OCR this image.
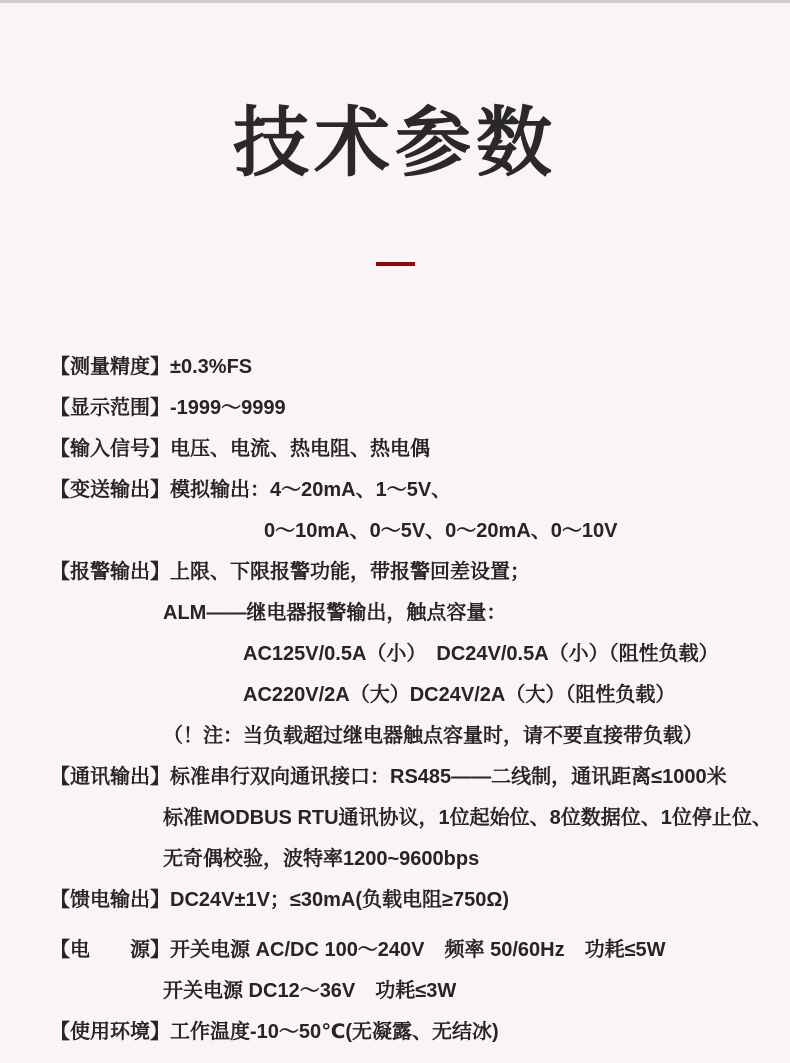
技术参数
【测量精度】 ±0.3%FS
【显示范围】 -1999～9999
【输入信号】 电压、电流、热电阻、热电偶
【变送输出】 模拟输出：4～20mA、1～5V、
0～10mA、0～5V、0～20mA、0～10V
【报警输出】 上限、下限报警功能，带报警回差设置；
ALM——继电器报警输出，触点容量：
AC125V/0.5A（小）　DC24V/0.5A（小）（阻性负载）
AC220V/2A（大）DC24V/2A（大）（阻性负载）
（！注：当负载超过继电器触点容量时，请不要直接带负载）
【通讯输出】 标准串行双向通讯接口：RS485——二线制，通讯距离≤1000米
标准MODBUS RTU通讯协议，1位起始位、8位数据位、1位停止位、
无奇偶校验，波特率1200~9600bps
【馈电输出】 DC24V±1V；≤30mA(负载电阻≥750Ω)
【电　　源】 开关电源 AC/DC 100～240V　频率 50/60Hz　功耗≤5W
开关电源 DC12～36V　功耗≤3W
【使用环境】 工作温度-10～50℃(无凝露、无结冰)
